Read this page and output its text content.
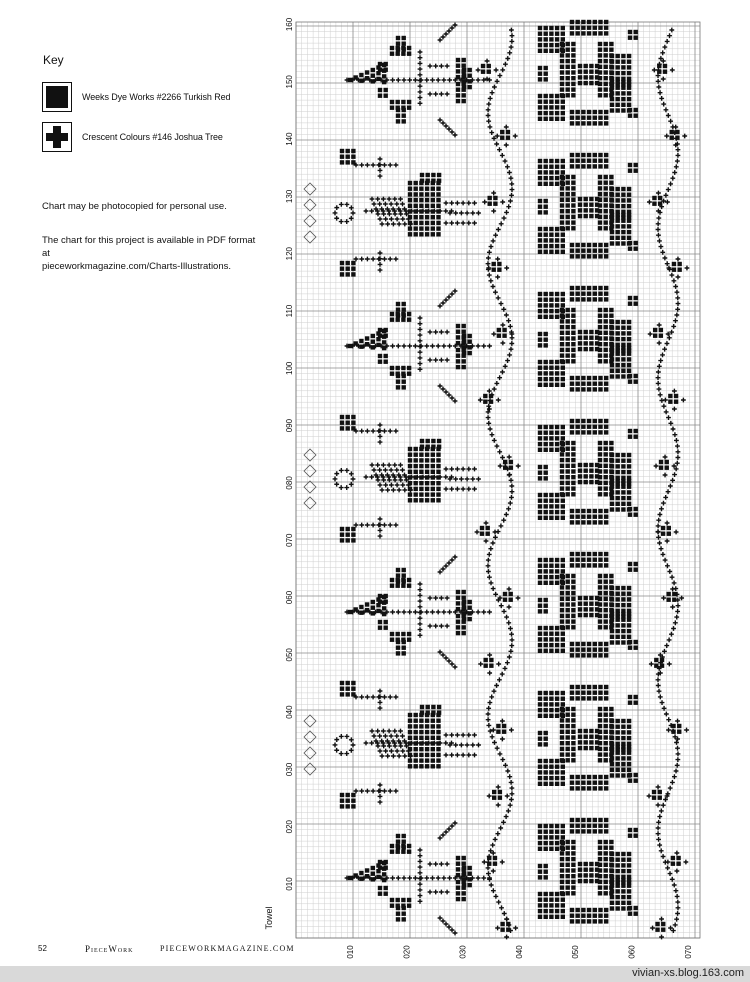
Key
Weeks Dye Works #2266 Turkish Red
Crescent Colours #146 Joshua Tree
Chart may be photocopied for personal use.
The chart for this project is available in PDF format at
pieceworkmagazine.com/Charts-Illustrations.
010
020
030
040
050
060
070
080
090
100
110
120
130
140
150
160
010	020	030	040	050	060	070
Towel
52	PieceWork	PIECEWORKMAGAZINE.COM
vivian-xs.blog.163.com
